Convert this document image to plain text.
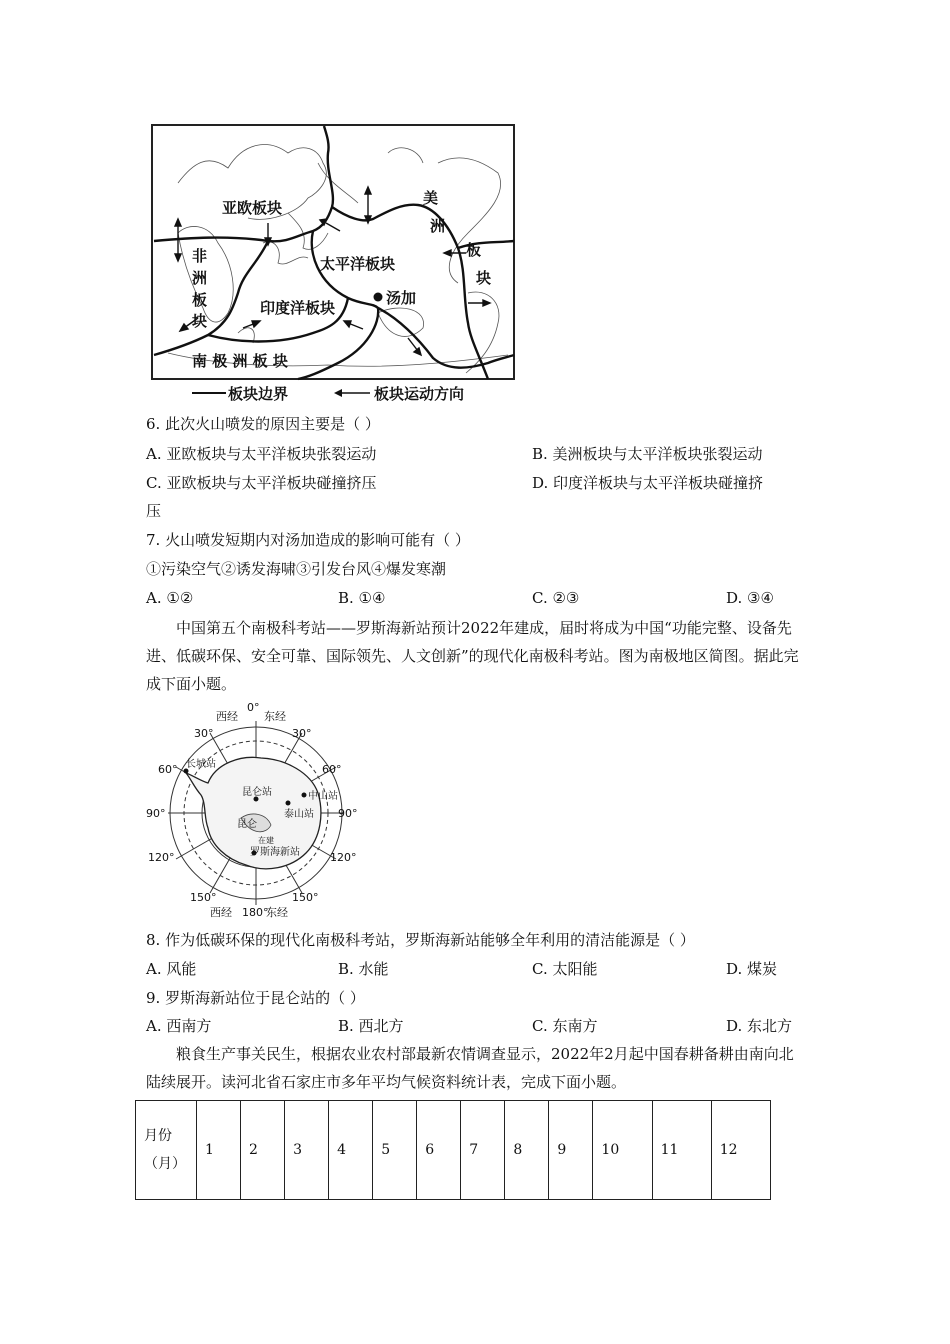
亚欧板块
美
洲
板
块
非
洲
板
块
太平洋板块
印度洋板块
汤加
南 极 洲 板 块
板块边界	板块运动方向
6. 此次火山喷发的原因主要是（ ）
A. 亚欧板块与太平洋板块张裂运动	B. 美洲板块与太平洋板块张裂运动
C. 亚欧板块与太平洋板块碰撞挤压	D. 印度洋板块与太平洋板块碰撞挤
压
7. 火山喷发短期内对汤加造成的影响可能有（ ）
①污染空气②诱发海啸③引发台风④爆发寒潮
A. ①②	B. ①④	C. ②③	D. ③④
中国第五个南极科考站——罗斯海新站预计2022年建成，届时将成为中国“功能完整、设备先进、低碳环保、安全可靠、国际领先、人文创新”的现代化南极科考站。图为南极地区简图。据此完成下面小题。
西经
0°
东经
30°	30°
60°	60°
90°	90°
120°	120°
150°	150°
西经 180°
东经
长城站
昆仑站	中山站
泰山站
昆仑
在建
罗斯海新站
8. 作为低碳环保的现代化南极科考站，罗斯海新站能够全年利用的清洁能源是（ ）
A. 风能	B. 水能	C. 太阳能	D. 煤炭
9. 罗斯海新站位于昆仑站的（ ）
A. 西南方	B. 西北方	C. 东南方	D. 东北方
粮食生产事关民生，根据农业农村部最新农情调查显示，2022年2月起中国春耕备耕由南向北陆续展开。读河北省石家庄市多年平均气候资料统计表，完成下面小题。
月份（月）	1	2	3	4	5	6	7	8	9	10	11	12
